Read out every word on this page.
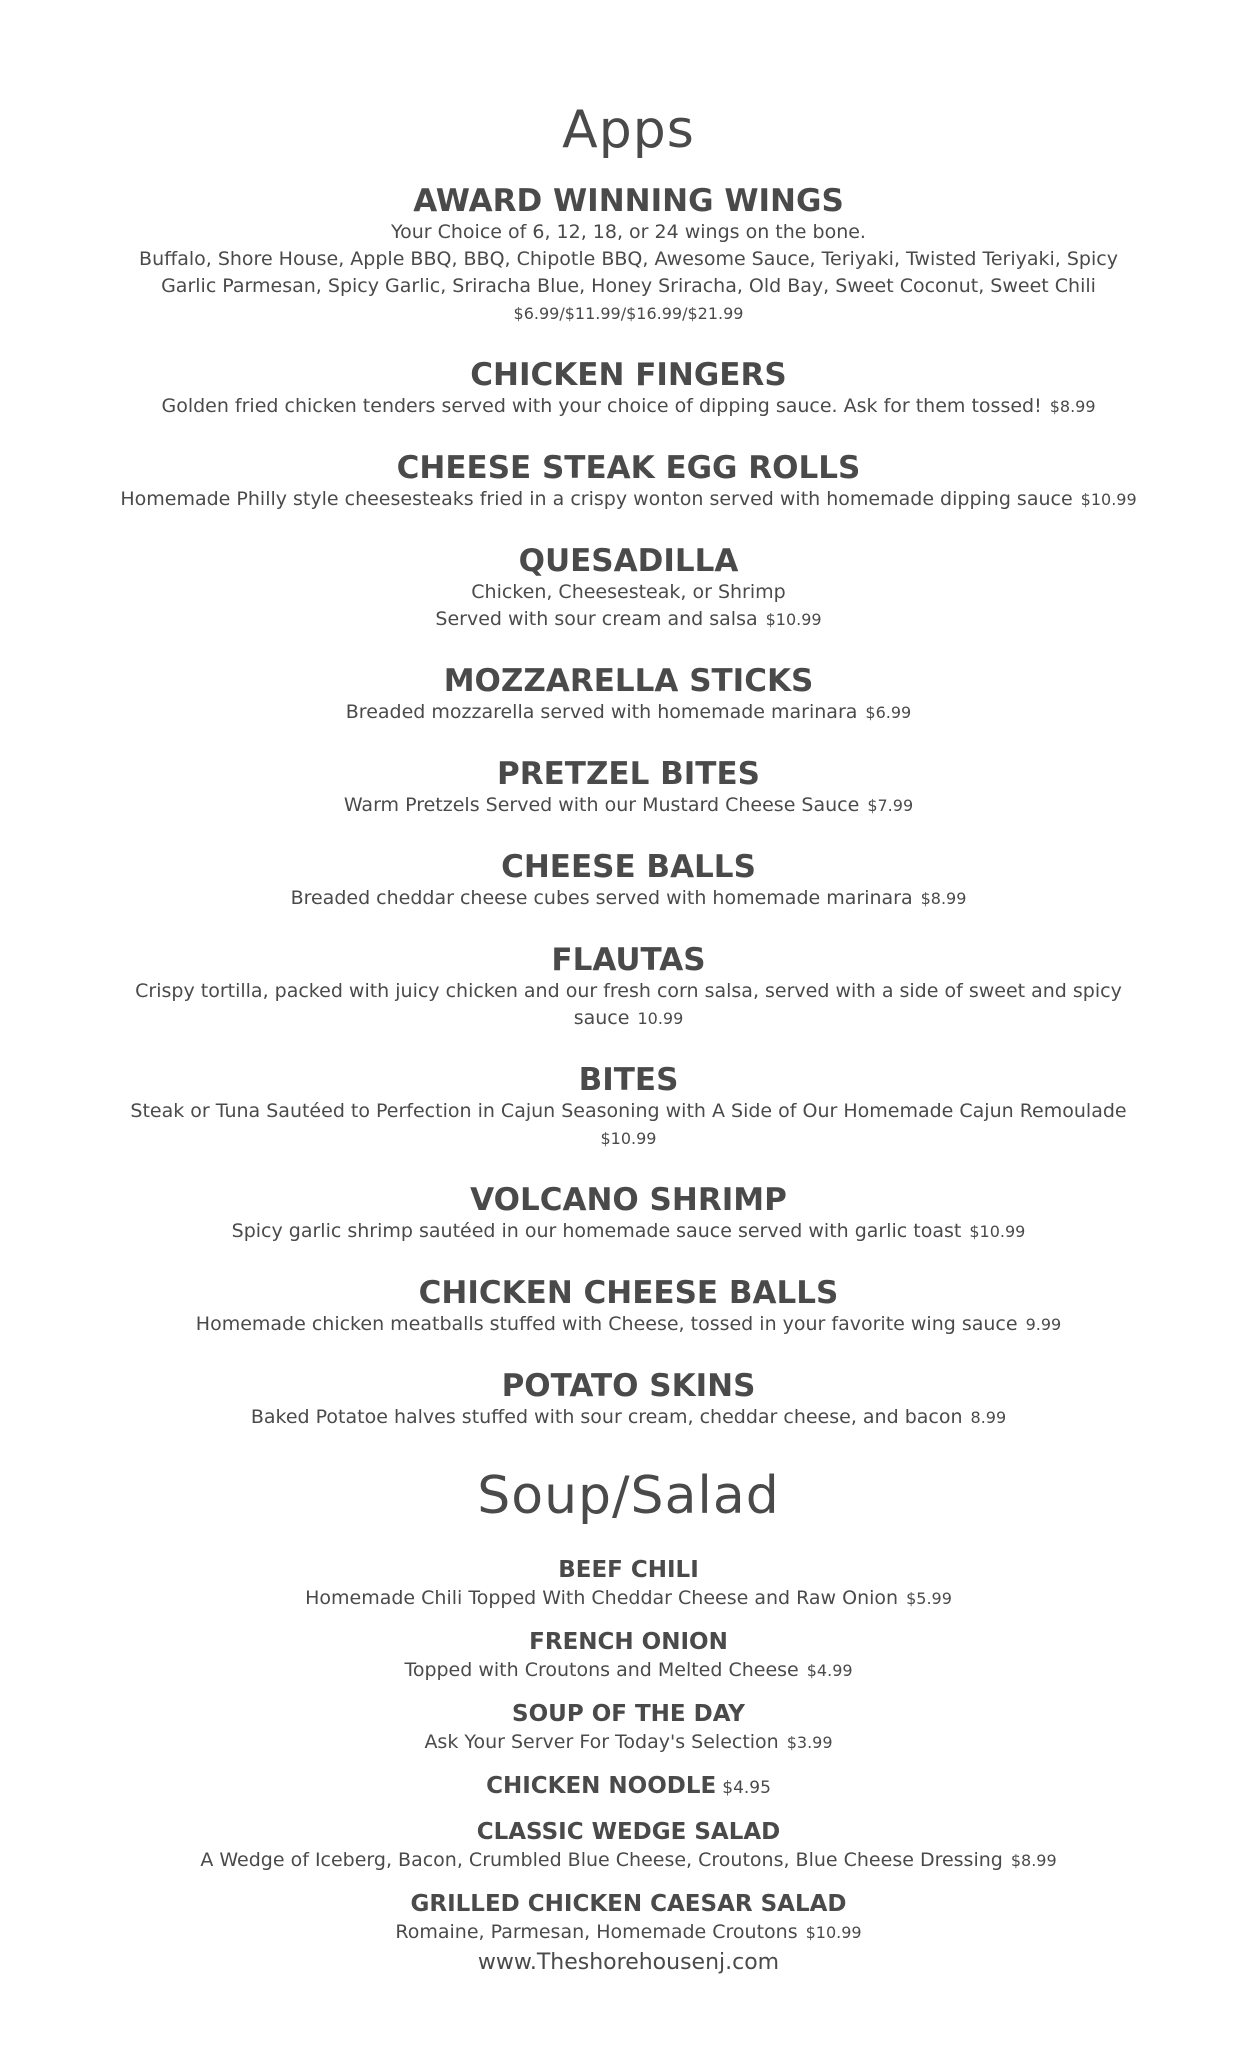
Apps

AWARD WINNING WINGS

Your Choice of 6, 12, 18, or 24 wings on the bone.

Buffalo, Shore House, Apple BBQ, BBQ, Chipotle BBQ, Awesome Sauce, Teriyaki, Twisted Teriyaki, Spicy

Garlic Parmesan, Spicy Garlic, Sriracha Blue, Honey Sriracha, Old Bay, Sweet Coconut, Sweet Chili

$6.99/$11.99/$16.99/$21.99

CHICKEN FINGERS

Golden fried chicken tenders served with your choice of dipping sauce. Ask for them tossed! $8.99

CHEESE STEAK EGG ROLLS

Homemade Philly style cheesesteaks fried in a crispy wonton served with homemade dipping sauce $10.99

QUESADILLA

Chicken, Cheesesteak, or Shrimp

Served with sour cream and salsa $10.99

MOZZARELLA STICKS

Breaded mozzarella served with homemade marinara $6.99

PRETZEL BITES

Warm Pretzels Served with our Mustard Cheese Sauce $7.99

CHEESE BALLS

Breaded cheddar cheese cubes served with homemade marinara $8.99

FLAUTAS

Crispy tortilla, packed with juicy chicken and our fresh corn salsa, served with a side of sweet and spicy

sauce 10.99

BITES

Steak or Tuna Sautéed to Perfection in Cajun Seasoning with A Side of Our Homemade Cajun Remoulade

$10.99

VOLCANO SHRIMP

Spicy garlic shrimp sautéed in our homemade sauce served with garlic toast $10.99

CHICKEN CHEESE BALLS

Homemade chicken meatballs stuffed with Cheese, tossed in your favorite wing sauce 9.99

POTATO SKINS

Baked Potatoe halves stuffed with sour cream, cheddar cheese, and bacon 8.99

Soup/Salad

BEEF CHILI

Homemade Chili Topped With Cheddar Cheese and Raw Onion $5.99

FRENCH ONION

Topped with Croutons and Melted Cheese $4.99

SOUP OF THE DAY

Ask Your Server For Today's Selection $3.99

CHICKEN NOODLE $4.95

CLASSIC WEDGE SALAD

A Wedge of Iceberg, Bacon, Crumbled Blue Cheese, Croutons, Blue Cheese Dressing $8.99

GRILLED CHICKEN CAESAR SALAD

Romaine, Parmesan, Homemade Croutons $10.99

www.Theshorehousenj.com
